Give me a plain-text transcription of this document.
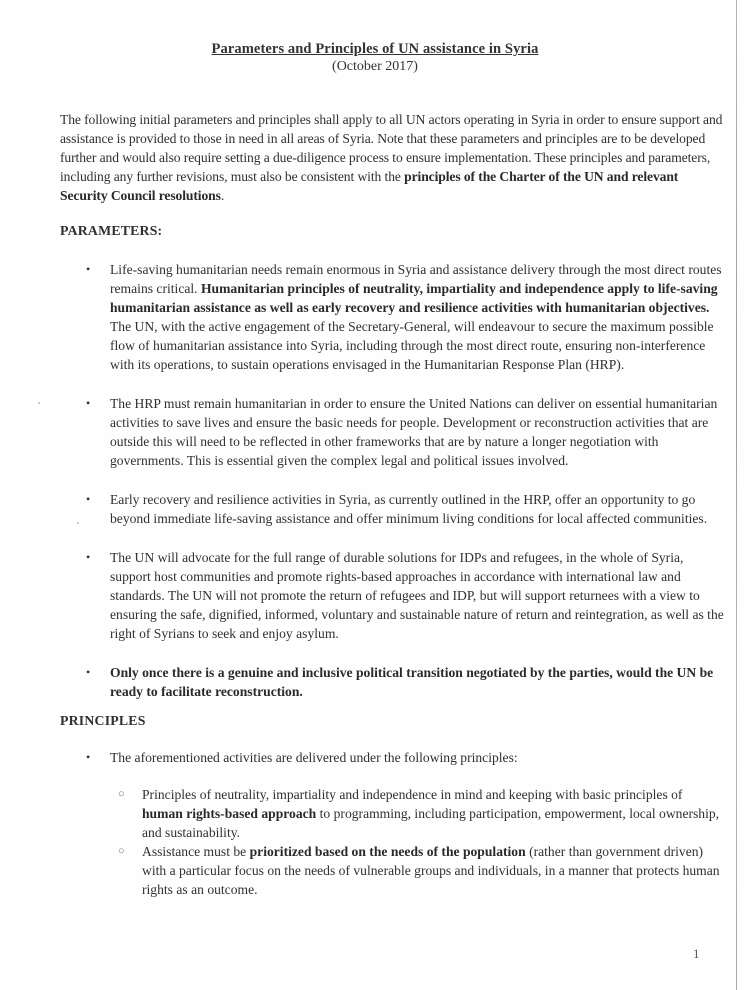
Parameters and Principles of UN assistance in Syria
(October 2017)

The following initial parameters and principles shall apply to all UN actors operating in Syria in order to ensure support and assistance is provided to those in need in all areas of Syria. Note that these parameters and principles are to be developed further and would also require setting a due-diligence process to ensure implementation. These principles and parameters, including any further revisions, must also be consistent with the principles of the Charter of the UN and relevant Security Council resolutions.

PARAMETERS:
• Life-saving humanitarian needs remain enormous in Syria and assistance delivery through the most direct routes remains critical. Humanitarian principles of neutrality, impartiality and independence apply to life-saving humanitarian assistance as well as early recovery and resilience activities with humanitarian objectives. The UN, with the active engagement of the Secretary-General, will endeavour to secure the maximum possible flow of humanitarian assistance into Syria, including through the most direct route, ensuring non-interference with its operations, to sustain operations envisaged in the Humanitarian Response Plan (HRP).
• The HRP must remain humanitarian in order to ensure the United Nations can deliver on essential humanitarian activities to save lives and ensure the basic needs for people. Development or reconstruction activities that are outside this will need to be reflected in other frameworks that are by nature a longer negotiation with governments. This is essential given the complex legal and political issues involved.
• Early recovery and resilience activities in Syria, as currently outlined in the HRP, offer an opportunity to go beyond immediate life-saving assistance and offer minimum living conditions for local affected communities.
• The UN will advocate for the full range of durable solutions for IDPs and refugees, in the whole of Syria, support host communities and promote rights-based approaches in accordance with international law and standards. The UN will not promote the return of refugees and IDP, but will support returnees with a view to ensuring the safe, dignified, informed, voluntary and sustainable nature of return and reintegration, as well as the right of Syrians to seek and enjoy asylum.
• Only once there is a genuine and inclusive political transition negotiated by the parties, would the UN be ready to facilitate reconstruction.
PRINCIPLES
• The aforementioned activities are delivered under the following principles:
○ Principles of neutrality, impartiality and independence in mind and keeping with basic principles of human rights-based approach to programming, including participation, empowerment, local ownership, and sustainability.
○ Assistance must be prioritized based on the needs of the population (rather than government driven) with a particular focus on the needs of vulnerable groups and individuals, in a manner that protects human rights as an outcome.
1
